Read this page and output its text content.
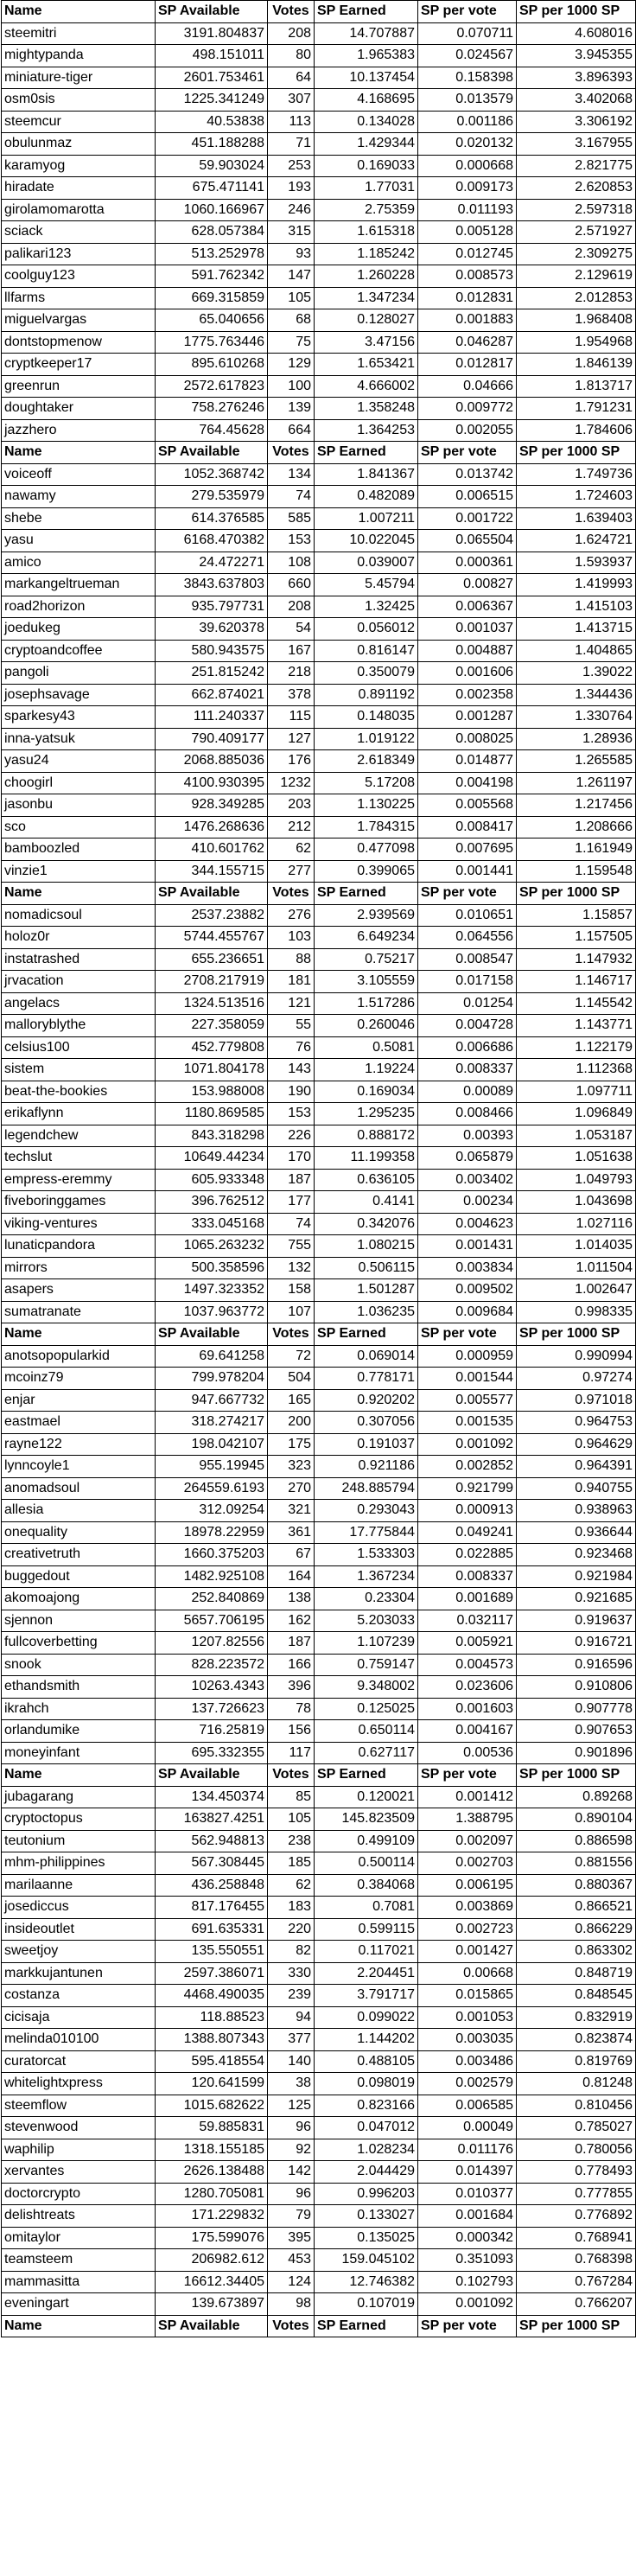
Name	SP Available	Votes	SP Earned	SP per vote	SP per 1000 SP
steemitri	3191.804837	208	14.707887	0.070711	4.608016
mightypanda	498.151011	80	1.965383	0.024567	3.945355
miniature-tiger	2601.753461	64	10.137454	0.158398	3.896393
osm0sis	1225.341249	307	4.168695	0.013579	3.402068
steemcur	40.53838	113	0.134028	0.001186	3.306192
obulunmaz	451.188288	71	1.429344	0.020132	3.167955
karamyog	59.903024	253	0.169033	0.000668	2.821775
hiradate	675.471141	193	1.77031	0.009173	2.620853
girolamomarotta	1060.166967	246	2.75359	0.011193	2.597318
sciack	628.057384	315	1.615318	0.005128	2.571927
palikari123	513.252978	93	1.185242	0.012745	2.309275
coolguy123	591.762342	147	1.260228	0.008573	2.129619
llfarms	669.315859	105	1.347234	0.012831	2.012853
miguelvargas	65.040656	68	0.128027	0.001883	1.968408
dontstopmenow	1775.763446	75	3.47156	0.046287	1.954968
cryptkeeper17	895.610268	129	1.653421	0.012817	1.846139
greenrun	2572.617823	100	4.666002	0.04666	1.813717
doughtaker	758.276246	139	1.358248	0.009772	1.791231
jazzhero	764.45628	664	1.364253	0.002055	1.784606
Name	SP Available	Votes	SP Earned	SP per vote	SP per 1000 SP
voiceoff	1052.368742	134	1.841367	0.013742	1.749736
nawamy	279.535979	74	0.482089	0.006515	1.724603
shebe	614.376585	585	1.007211	0.001722	1.639403
yasu	6168.470382	153	10.022045	0.065504	1.624721
amico	24.472271	108	0.039007	0.000361	1.593937
markangeltrueman	3843.637803	660	5.45794	0.00827	1.419993
road2horizon	935.797731	208	1.32425	0.006367	1.415103
joedukeg	39.620378	54	0.056012	0.001037	1.413715
cryptoandcoffee	580.943575	167	0.816147	0.004887	1.404865
pangoli	251.815242	218	0.350079	0.001606	1.39022
josephsavage	662.874021	378	0.891192	0.002358	1.344436
sparkesy43	111.240337	115	0.148035	0.001287	1.330764
inna-yatsuk	790.409177	127	1.019122	0.008025	1.28936
yasu24	2068.885036	176	2.618349	0.014877	1.265585
choogirl	4100.930395	1232	5.17208	0.004198	1.261197
jasonbu	928.349285	203	1.130225	0.005568	1.217456
sco	1476.268636	212	1.784315	0.008417	1.208666
bamboozled	410.601762	62	0.477098	0.007695	1.161949
vinzie1	344.155715	277	0.399065	0.001441	1.159548
Name	SP Available	Votes	SP Earned	SP per vote	SP per 1000 SP
nomadicsoul	2537.23882	276	2.939569	0.010651	1.15857
holoz0r	5744.455767	103	6.649234	0.064556	1.157505
instatrashed	655.236651	88	0.75217	0.008547	1.147932
jrvacation	2708.217919	181	3.105559	0.017158	1.146717
angelacs	1324.513516	121	1.517286	0.01254	1.145542
malloryblythe	227.358059	55	0.260046	0.004728	1.143771
celsius100	452.779808	76	0.5081	0.006686	1.122179
sistem	1071.804178	143	1.19224	0.008337	1.112368
beat-the-bookies	153.988008	190	0.169034	0.00089	1.097711
erikaflynn	1180.869585	153	1.295235	0.008466	1.096849
legendchew	843.318298	226	0.888172	0.00393	1.053187
techslut	10649.44234	170	11.199358	0.065879	1.051638
empress-eremmy	605.933348	187	0.636105	0.003402	1.049793
fiveboringgames	396.762512	177	0.4141	0.00234	1.043698
viking-ventures	333.045168	74	0.342076	0.004623	1.027116
lunaticpandora	1065.263232	755	1.080215	0.001431	1.014035
mirrors	500.358596	132	0.506115	0.003834	1.011504
asapers	1497.323352	158	1.501287	0.009502	1.002647
sumatranate	1037.963772	107	1.036235	0.009684	0.998335
Name	SP Available	Votes	SP Earned	SP per vote	SP per 1000 SP
anotsopopularkid	69.641258	72	0.069014	0.000959	0.990994
mcoinz79	799.978204	504	0.778171	0.001544	0.97274
enjar	947.667732	165	0.920202	0.005577	0.971018
eastmael	318.274217	200	0.307056	0.001535	0.964753
rayne122	198.042107	175	0.191037	0.001092	0.964629
lynncoyle1	955.19945	323	0.921186	0.002852	0.964391
anomadsoul	264559.6193	270	248.885794	0.921799	0.940755
allesia	312.09254	321	0.293043	0.000913	0.938963
onequality	18978.22959	361	17.775844	0.049241	0.936644
creativetruth	1660.375203	67	1.533303	0.022885	0.923468
buggedout	1482.925108	164	1.367234	0.008337	0.921984
akomoajong	252.840869	138	0.23304	0.001689	0.921685
sjennon	5657.706195	162	5.203033	0.032117	0.919637
fullcoverbetting	1207.82556	187	1.107239	0.005921	0.916721
snook	828.223572	166	0.759147	0.004573	0.916596
ethandsmith	10263.4343	396	9.348002	0.023606	0.910806
ikrahch	137.726623	78	0.125025	0.001603	0.907778
orlandumike	716.25819	156	0.650114	0.004167	0.907653
moneyinfant	695.332355	117	0.627117	0.00536	0.901896
Name	SP Available	Votes	SP Earned	SP per vote	SP per 1000 SP
jubagarang	134.450374	85	0.120021	0.001412	0.89268
cryptoctopus	163827.4251	105	145.823509	1.388795	0.890104
teutonium	562.948813	238	0.499109	0.002097	0.886598
mhm-philippines	567.308445	185	0.500114	0.002703	0.881556
marilaanne	436.258848	62	0.384068	0.006195	0.880367
josediccus	817.176455	183	0.7081	0.003869	0.866521
insideoutlet	691.635331	220	0.599115	0.002723	0.866229
sweetjoy	135.550551	82	0.117021	0.001427	0.863302
markkujantunen	2597.386071	330	2.204451	0.00668	0.848719
costanza	4468.490035	239	3.791717	0.015865	0.848545
cicisaja	118.88523	94	0.099022	0.001053	0.832919
melinda010100	1388.807343	377	1.144202	0.003035	0.823874
curatorcat	595.418554	140	0.488105	0.003486	0.819769
whitelightxpress	120.641599	38	0.098019	0.002579	0.81248
steemflow	1015.682622	125	0.823166	0.006585	0.810456
stevenwood	59.885831	96	0.047012	0.00049	0.785027
waphilip	1318.155185	92	1.028234	0.011176	0.780056
xervantes	2626.138488	142	2.044429	0.014397	0.778493
doctorcrypto	1280.705081	96	0.996203	0.010377	0.777855
delishtreats	171.229832	79	0.133027	0.001684	0.776892
omitaylor	175.599076	395	0.135025	0.000342	0.768941
teamsteem	206982.612	453	159.045102	0.351093	0.768398
mammasitta	16612.34405	124	12.746382	0.102793	0.767284
eveningart	139.673897	98	0.107019	0.001092	0.766207
Name	SP Available	Votes	SP Earned	SP per vote	SP per 1000 SP
